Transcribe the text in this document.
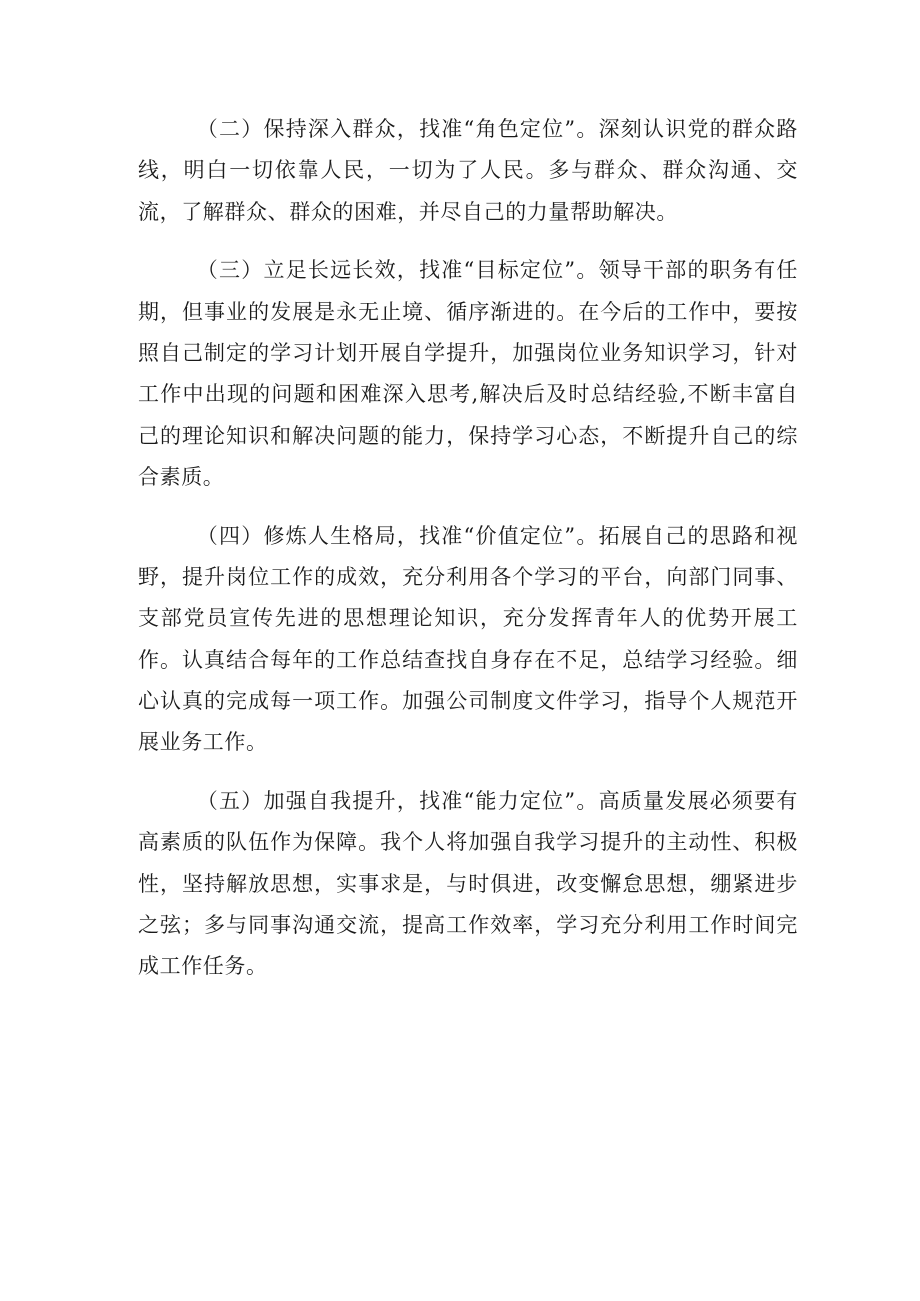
（二）保持深入群众，找准“角色定位”。深刻认识党的群众路线，明白一切依靠人民，一切为了人民。多与群众、群众沟通、交流，了解群众、群众的困难，并尽自己的力量帮助解决。

（三）立足长远长效，找准“目标定位”。领导干部的职务有任期，但事业的发展是永无止境、循序渐进的。在今后的工作中，要按照自己制定的学习计划开展自学提升，加强岗位业务知识学习，针对工作中出现的问题和困难深入思考,解决后及时总结经验,不断丰富自己的理论知识和解决问题的能力，保持学习心态，不断提升自己的综合素质。

（四）修炼人生格局，找准“价值定位”。拓展自己的思路和视野，提升岗位工作的成效，充分利用各个学习的平台，向部门同事、支部党员宣传先进的思想理论知识，充分发挥青年人的优势开展工作。认真结合每年的工作总结查找自身存在不足，总结学习经验。细心认真的完成每一项工作。加强公司制度文件学习，指导个人规范开展业务工作。

（五）加强自我提升，找准“能力定位”。高质量发展必须要有高素质的队伍作为保障。我个人将加强自我学习提升的主动性、积极性，坚持解放思想，实事求是，与时俱进，改变懈怠思想，绷紧进步之弦；多与同事沟通交流，提高工作效率，学习充分利用工作时间完成工作任务。
